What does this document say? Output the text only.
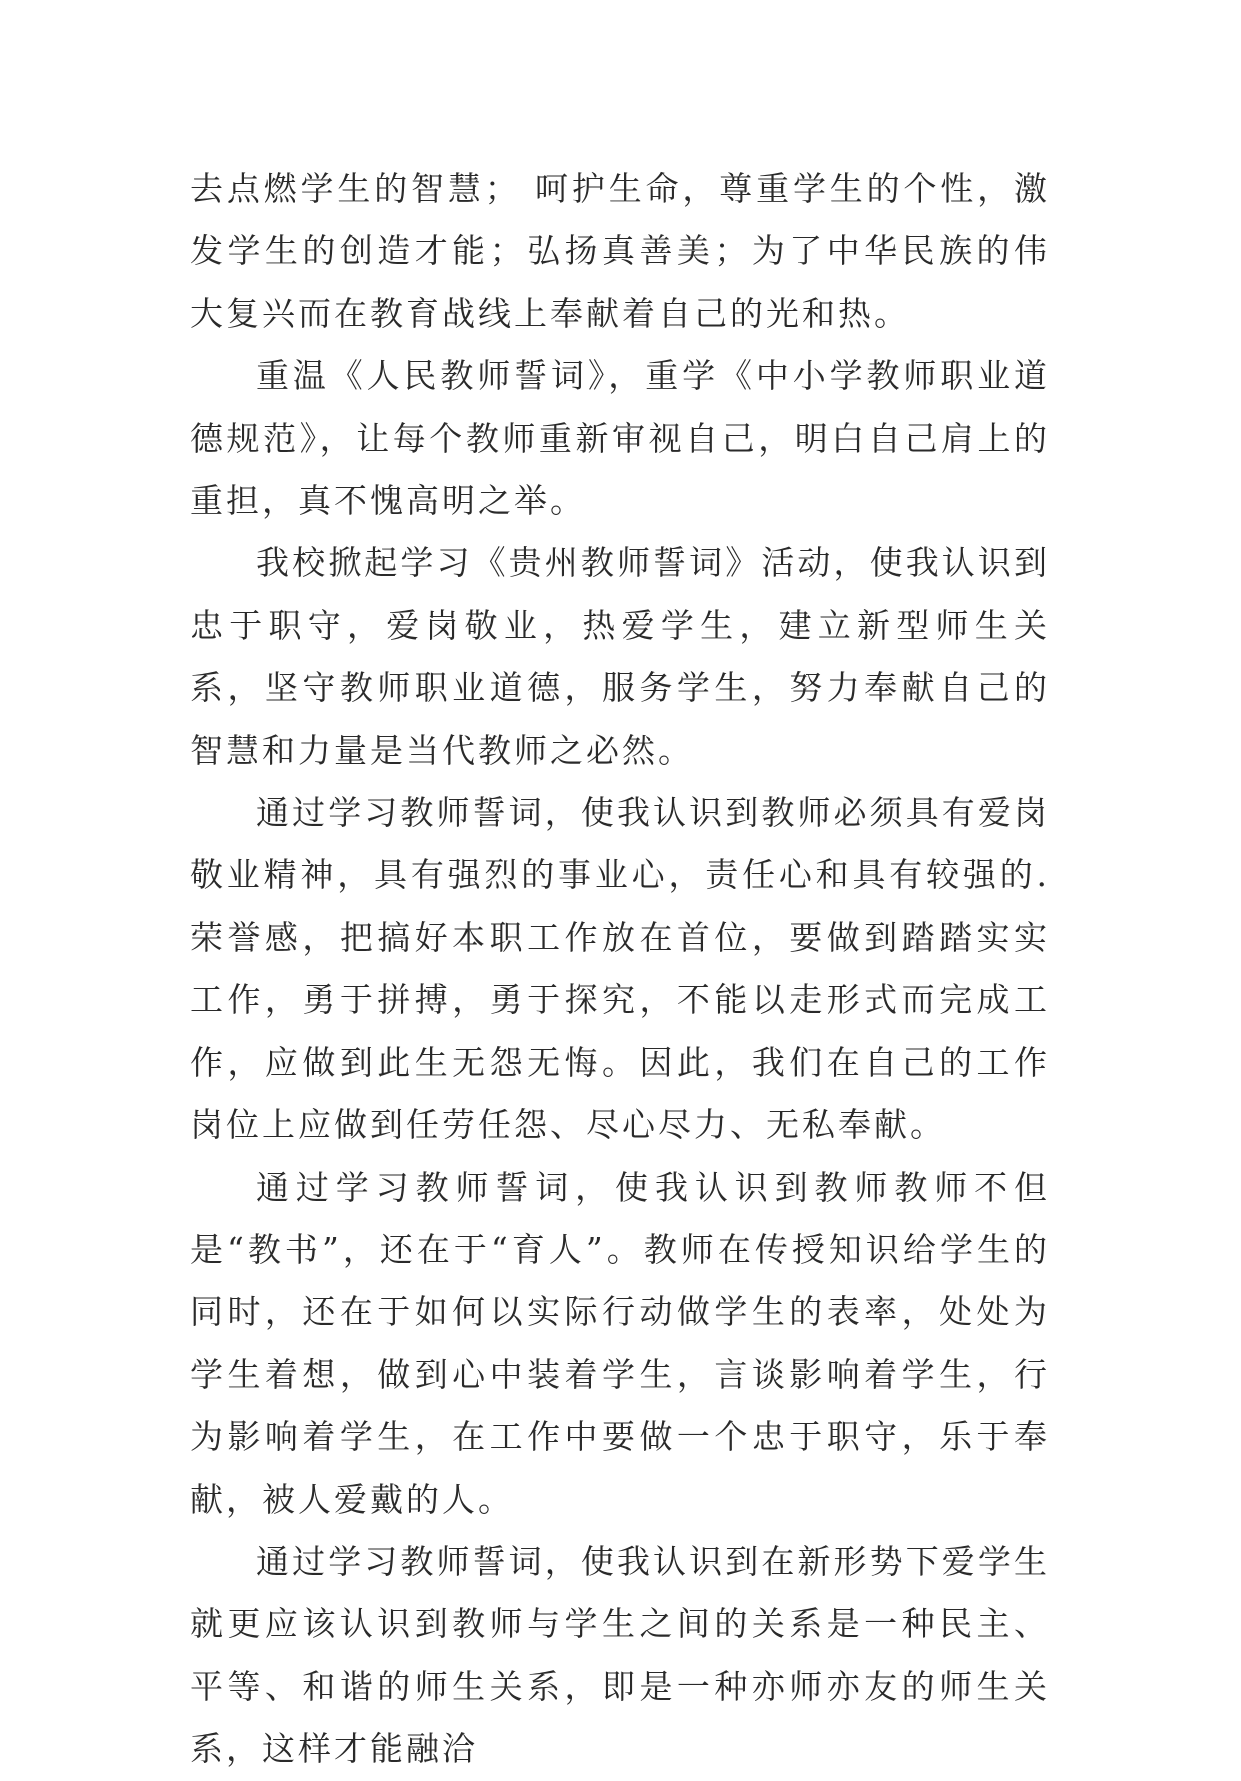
去点燃学生的智慧； 呵护生命，尊重学生的个性，激发学生的创造才能；弘扬真善美；为了中华民族的伟大复兴而在教育战线上奉献着自己的光和热。

重温《人民教师誓词》，重学《中小学教师职业道德规范》，让每个教师重新审视自己，明白自己肩上的重担，真不愧高明之举。

我校掀起学习《贵州教师誓词》活动，使我认识到忠于职守，爱岗敬业，热爱学生，建立新型师生关系，坚守教师职业道德，服务学生，努力奉献自己的智慧和力量是当代教师之必然。

通过学习教师誓词，使我认识到教师必须具有爱岗敬业精神，具有强烈的事业心，责任心和具有较强的.荣誉感，把搞好本职工作放在首位，要做到踏踏实实工作，勇于拼搏，勇于探究，不能以走形式而完成工作，应做到此生无怨无悔。因此，我们在自己的工作岗位上应做到任劳任怨、尽心尽力、无私奉献。

通过学习教师誓词，使我认识到教师教师不但是“教书”，还在于“育人”。教师在传授知识给学生的同时，还在于如何以实际行动做学生的表率，处处为学生着想，做到心中装着学生，言谈影响着学生，行为影响着学生，在工作中要做一个忠于职守，乐于奉献，被人爱戴的人。

通过学习教师誓词，使我认识到在新形势下爱学生就更应该认识到教师与学生之间的关系是一种民主、平等、和谐的师生关系，即是一种亦师亦友的师生关系，这样才能融洽
